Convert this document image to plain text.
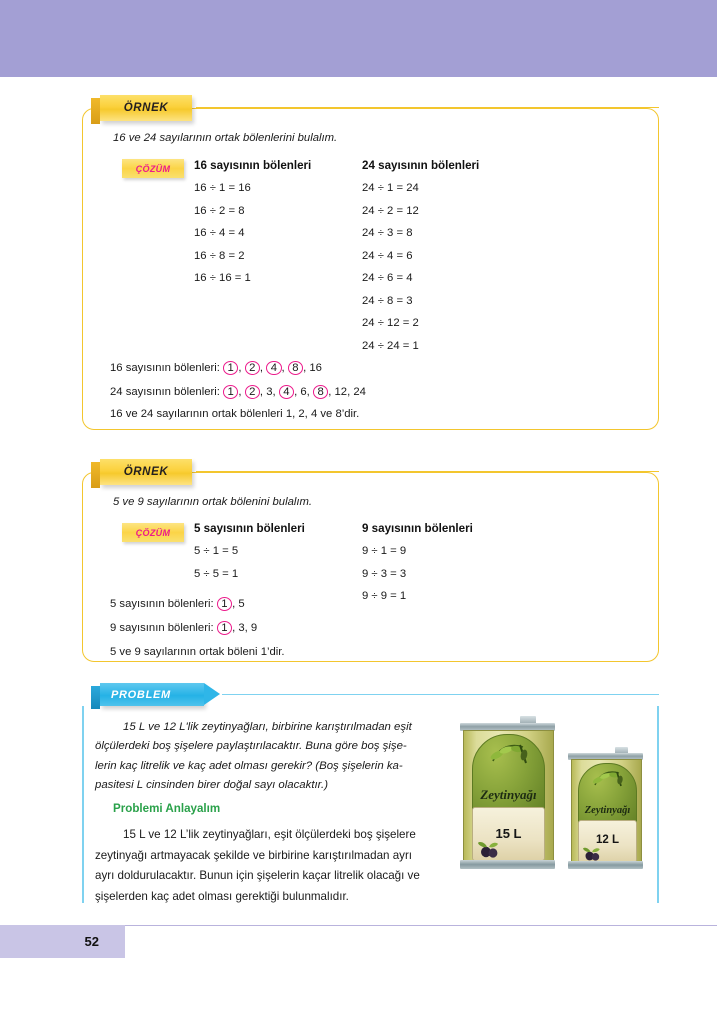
ÖRNEK
16 ve 24 sayılarının ortak bölenlerini bulalım.
ÇÖZÜM 16 sayısının bölenleri	24 sayısının bölenleri
16 ÷ 1 = 16
16 ÷ 2 = 8
16 ÷ 4 = 4
16 ÷ 8 = 2
16 ÷ 16 = 1
24 ÷ 1 = 24
24 ÷ 2 = 12
24 ÷ 3 = 8
24 ÷ 4 = 6
24 ÷ 6 = 4
24 ÷ 8 = 3
24 ÷ 12 = 2
24 ÷ 24 = 1
16 sayısının bölenleri: 1 , 2 , 4 , 8 , 16
24 sayısının bölenleri: 1 , 2 , 3, 4 , 6, 8 , 12, 24
16 ve 24 sayılarının ortak bölenleri 1, 2, 4 ve 8’dir.
ÖRNEK
5 ve 9 sayılarının ortak bölenini bulalım.
ÇÖZÜM 5 sayısının bölenleri	9 sayısının bölenleri
5 ÷ 1 = 5
5 ÷ 5 = 1
9 ÷ 1 = 9
9 ÷ 3 = 3
9 ÷ 9 = 1
5 sayısının bölenleri: 1 , 5
9 sayısının bölenleri: 1 , 3, 9
5 ve 9 sayılarının ortak böleni 1’dir.
PROBLEM
15 L ve 12 L'lik zeytinyağları, birbirine karıştırılmadan eşit
ölçülerdeki boş şişelere paylaştırılacaktır. Buna göre boş şişe-
lerin kaç litrelik ve kaç adet olması gerekir? (Boş şişelerin ka-
pasitesi L cinsinden birer doğal sayı olacaktır.)
Problemi Anlayalım
15 L ve 12 L’lik zeytinyağları, eşit ölçülerdeki boş şişelere
zeytinyağı artmayacak şekilde ve birbirine karıştırılmadan ayrı
ayrı doldurulacaktır. Bunun için şişelerin kaçar litrelik olacağı ve
şişelerden kaç adet olması gerektiği bulunmalıdır.
Zeytinyağı
15 L
Zeytinyağı
12 L
52
